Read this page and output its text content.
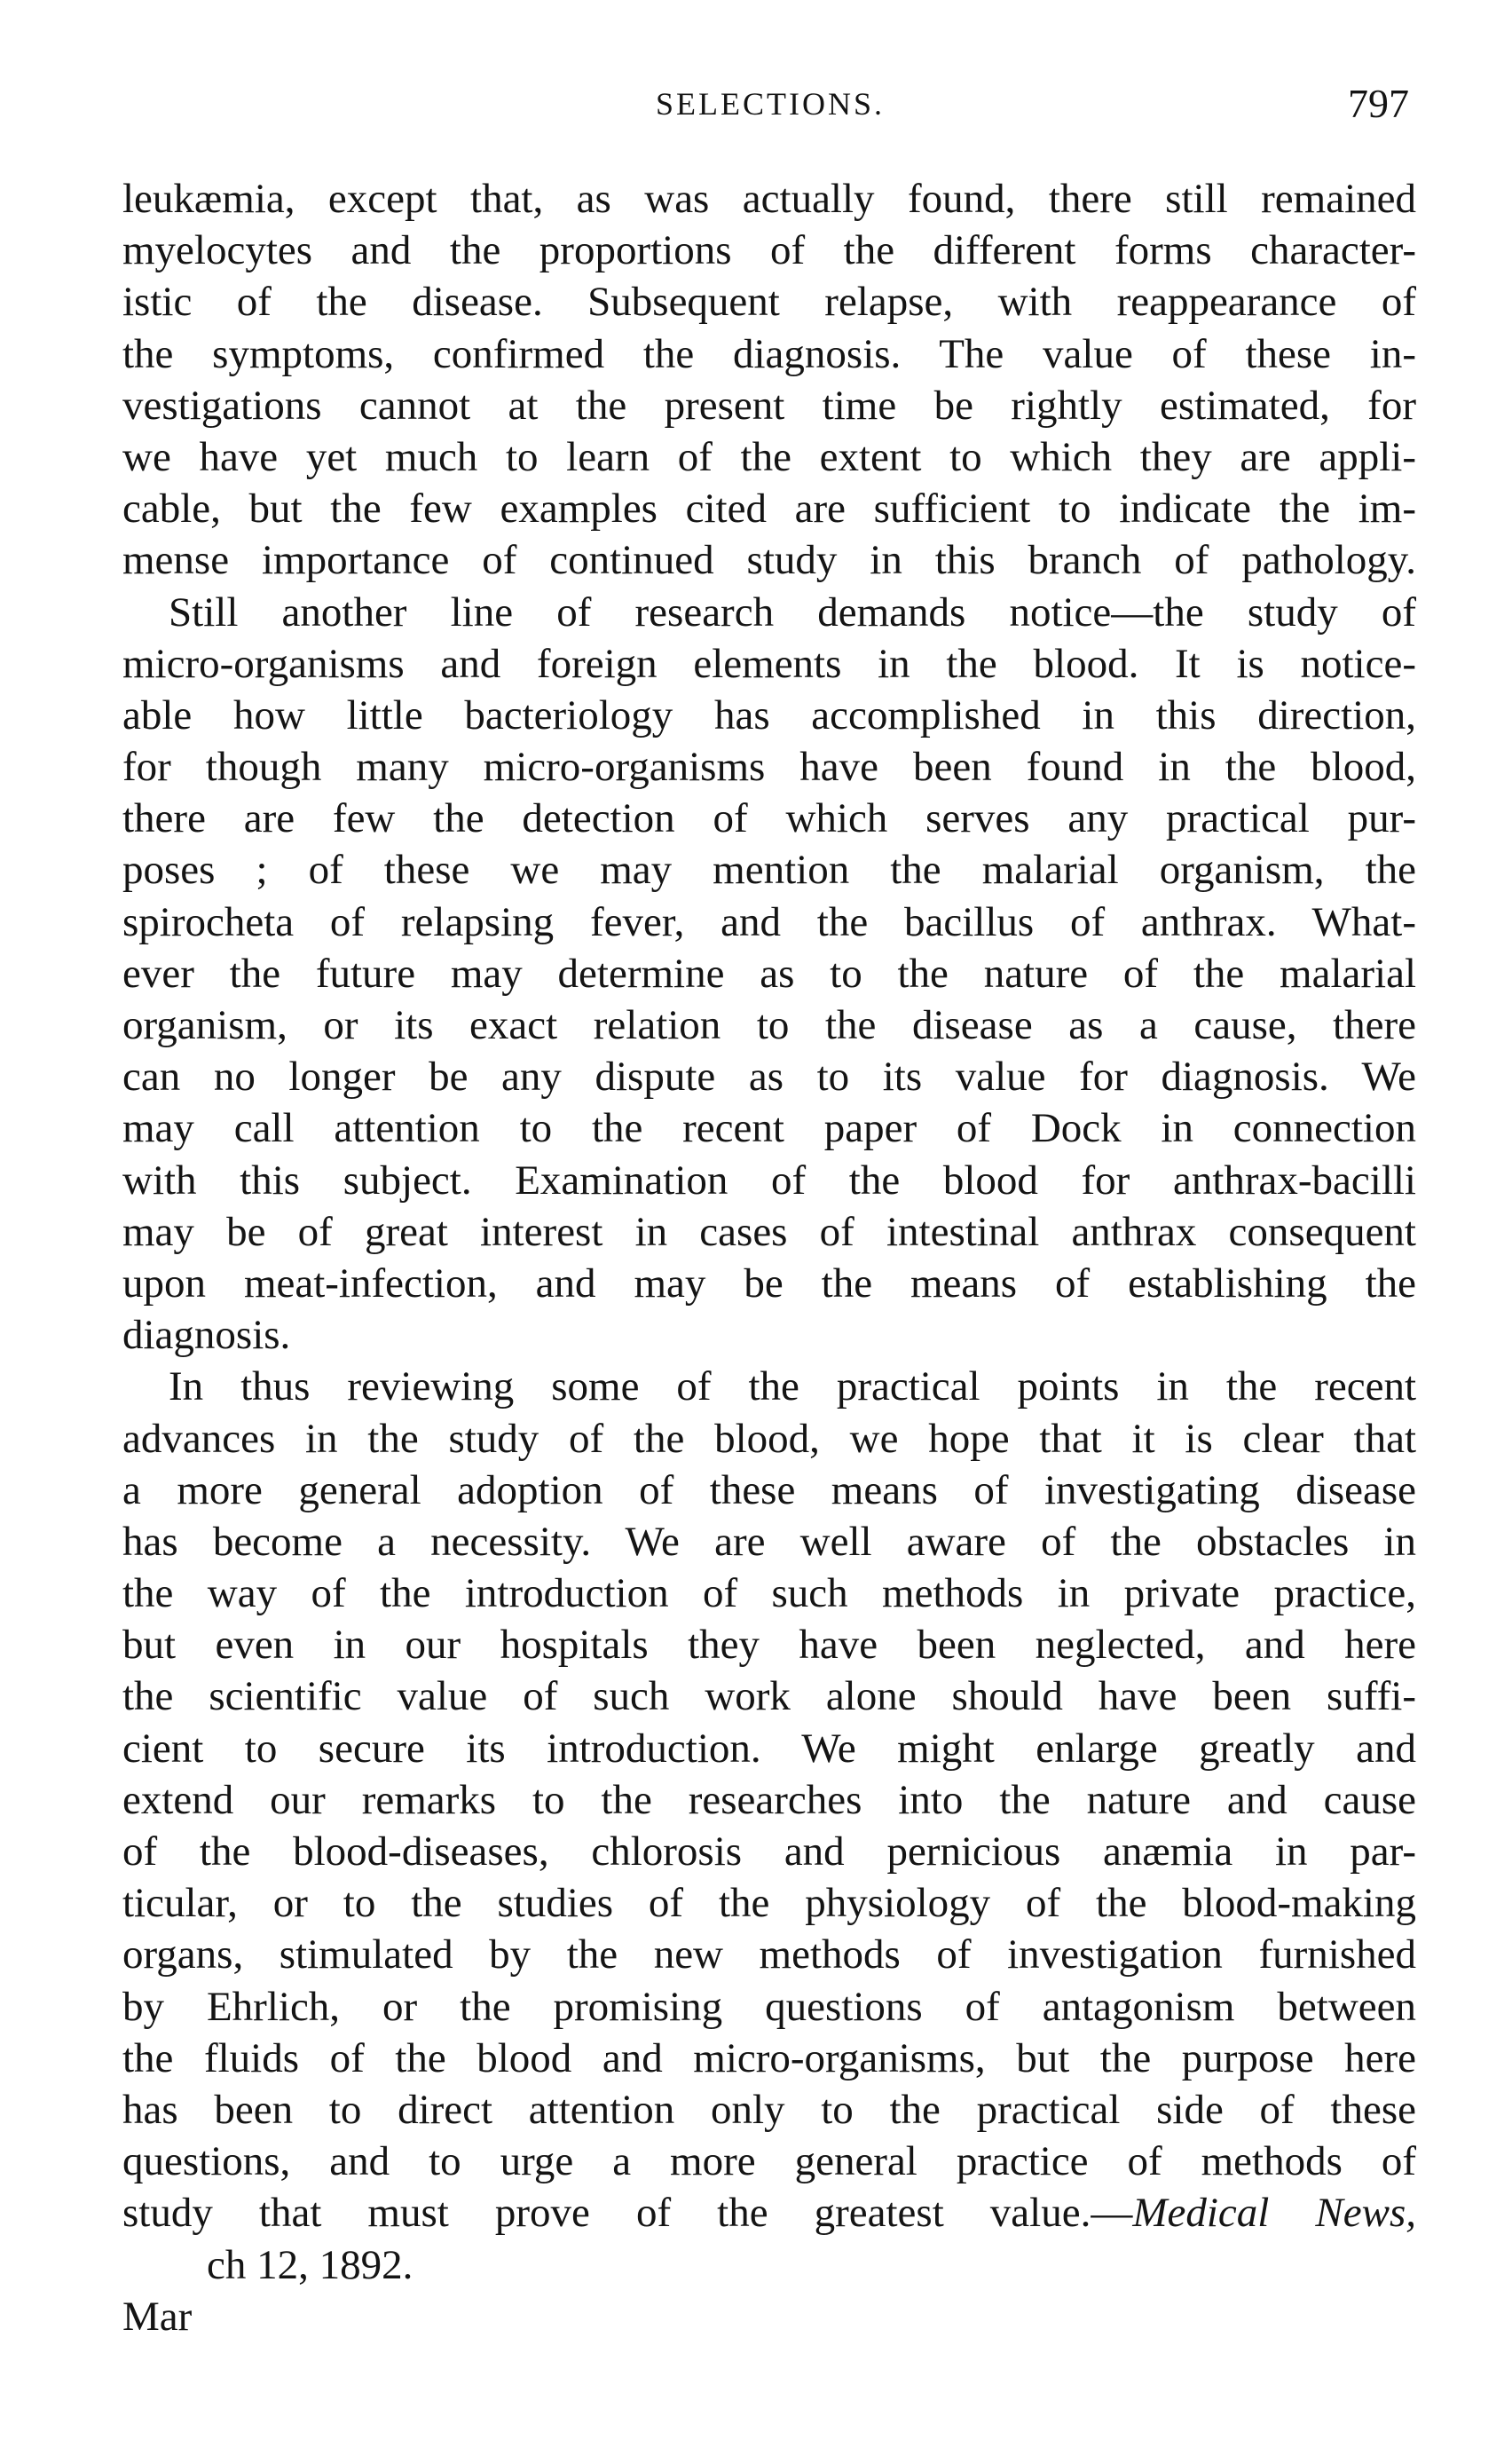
SELECTIONS.	797
leukæmia, except that, as was actually found, there still remained
myelocytes and the proportions of the different forms character-
istic of the disease. Subsequent relapse, with reappearance of
the symptoms, confirmed the diagnosis. The value of these in-
vestigations cannot at the present time be rightly estimated, for
we have yet much to learn of the extent to which they are appli-
cable, but the few examples cited are sufficient to indicate the im-
mense importance of continued study in this branch of pathology.
Still another line of research demands notice—the study of
micro-organisms and foreign elements in the blood. It is notice-
able how little bacteriology has accomplished in this direction,
for though many micro-organisms have been found in the blood,
there are few the detection of which serves any practical pur-
poses ; of these we may mention the malarial organism, the
spirocheta of relapsing fever, and the bacillus of anthrax. What-
ever the future may determine as to the nature of the malarial
organism, or its exact relation to the disease as a cause, there
can no longer be any dispute as to its value for diagnosis. We
may call attention to the recent paper of Dock in connection
with this subject. Examination of the blood for anthrax-bacilli
may be of great interest in cases of intestinal anthrax consequent
upon meat-infection, and may be the means of establishing the
diagnosis.
In thus reviewing some of the practical points in the recent
advances in the study of the blood, we hope that it is clear that
a more general adoption of these means of investigating disease
has become a necessity. We are well aware of the obstacles in
the way of the introduction of such methods in private practice,
but even in our hospitals they have been neglected, and here
the scientific value of such work alone should have been suffi-
cient to secure its introduction. We might enlarge greatly and
extend our remarks to the researches into the nature and cause
of the blood-diseases, chlorosis and pernicious anæmia in par-
ticular, or to the studies of the physiology of the blood-making
organs, stimulated by the new methods of investigation furnished
by Ehrlich, or the promising questions of antagonism between
the fluids of the blood and micro-organisms, but the purpose here
has been to direct attention only to the practical side of these
questions, and to urge a more general practice of methods of
study that must prove of the greatest value.—Medical News,
ch 12, 1892.
Mar
